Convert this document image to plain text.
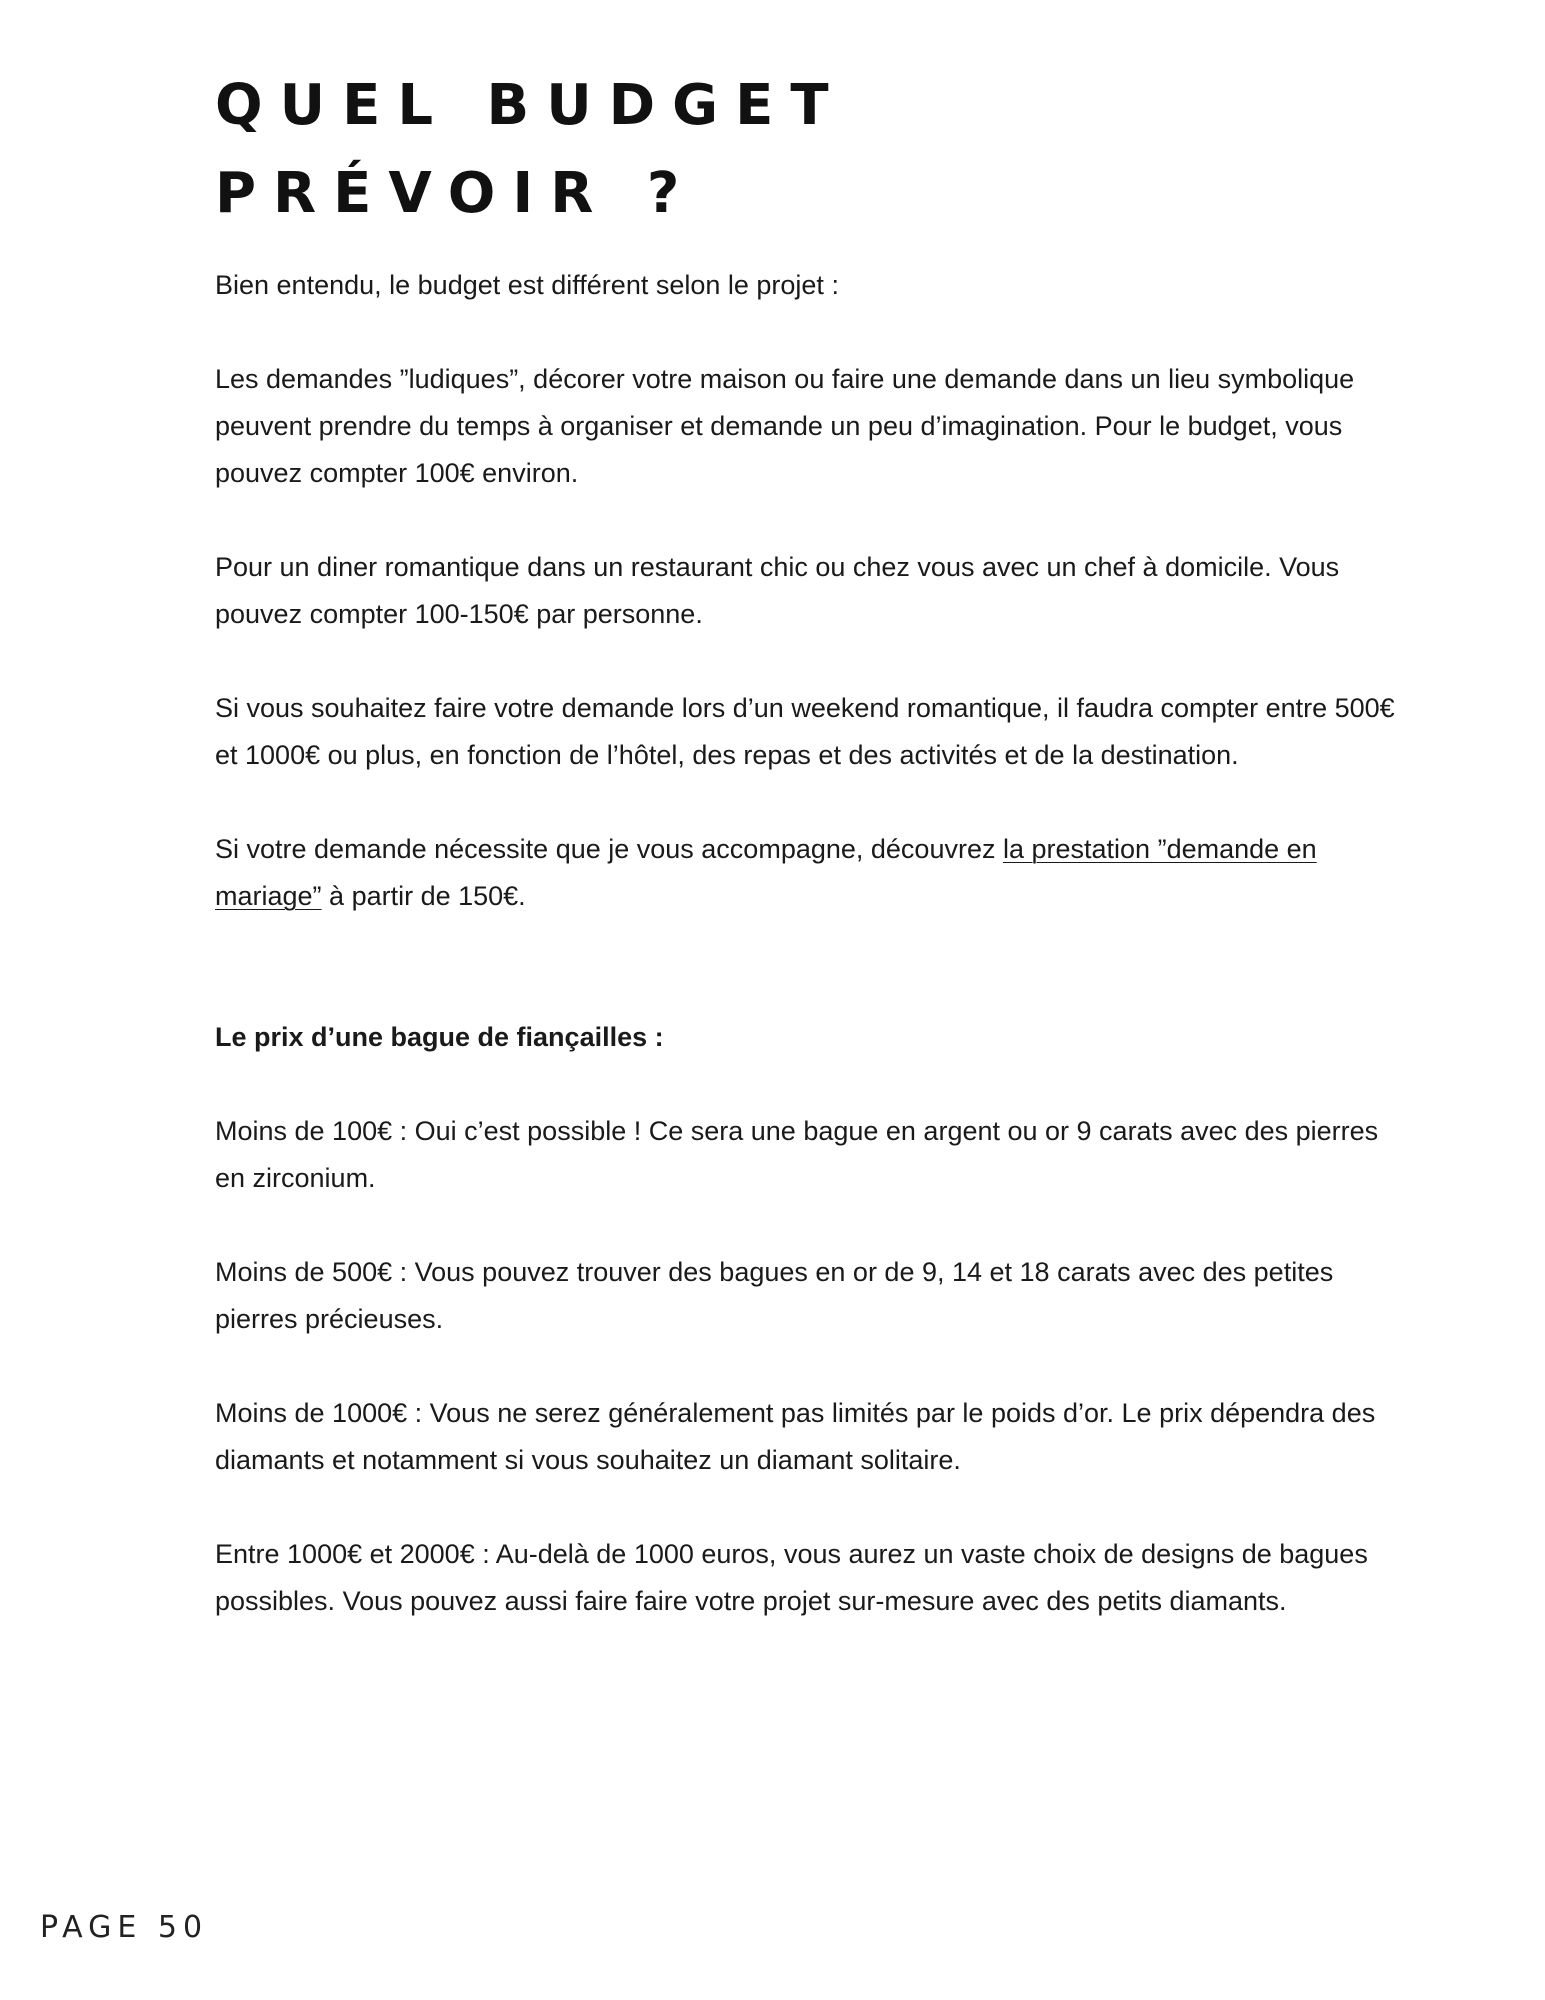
QUEL BUDGET
PRÉVOIR ?

Bien entendu, le budget est différent selon le projet :

Les demandes ”ludiques”, décorer votre maison ou faire une demande dans un lieu symbolique peuvent prendre du temps à organiser et demande un peu d’imagination. Pour le budget, vous pouvez compter 100€ environ.

Pour un diner romantique dans un restaurant chic ou chez vous avec un chef à domicile. Vous pouvez compter 100-150€ par personne.

Si vous souhaitez faire votre demande lors d’un weekend romantique, il faudra compter entre 500€ et 1000€ ou plus, en fonction de l’hôtel, des repas et des activités et de la destination.

Si votre demande nécessite que je vous accompagne, découvrez la prestation ”demande en mariage” à partir de 150€.

Le prix d’une bague de fiançailles :

Moins de 100€ : Oui c’est possible ! Ce sera une bague en argent ou or 9 carats avec des pierres en zirconium.

Moins de 500€ : Vous pouvez trouver des bagues en or de 9, 14 et 18 carats avec des petites pierres précieuses.

Moins de 1000€ : Vous ne serez généralement pas limités par le poids d’or. Le prix dépendra des diamants et notamment si vous souhaitez un diamant solitaire.

Entre 1000€ et 2000€ : Au-delà de 1000 euros, vous aurez un vaste choix de designs de bagues possibles. Vous pouvez aussi faire faire votre projet sur-mesure avec des petits diamants.

PAGE 50
